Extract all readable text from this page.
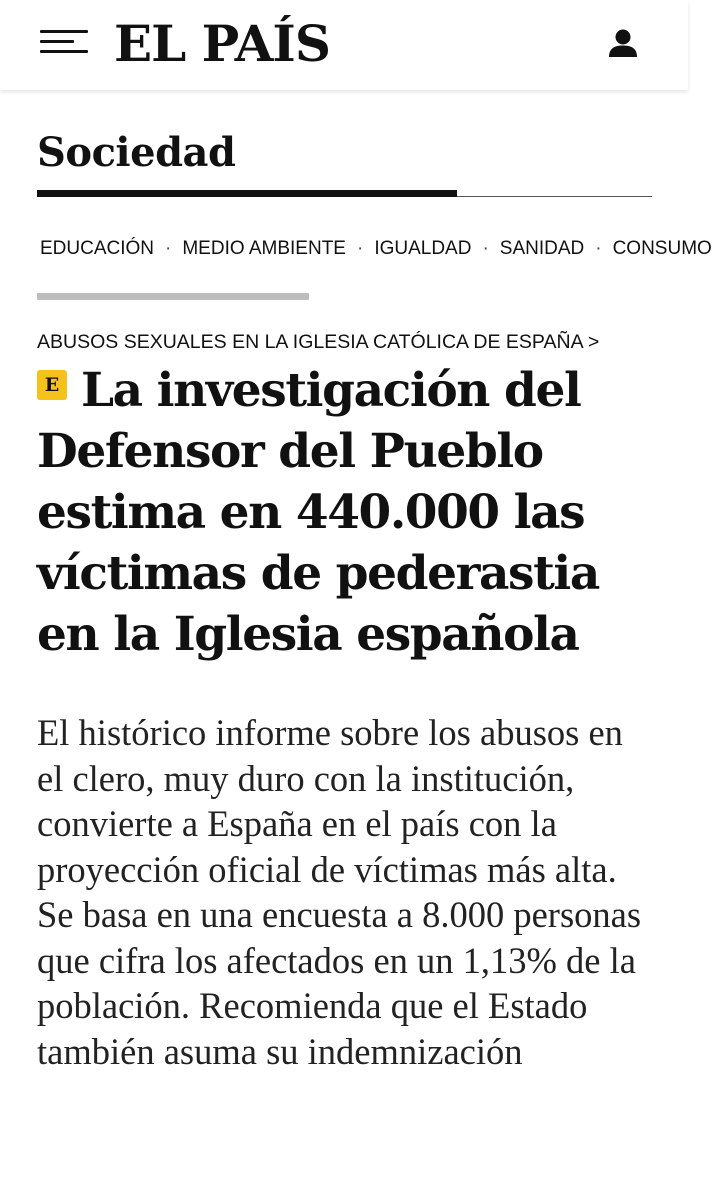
EL PAÍS
Sociedad
EDUCACIÓN · MEDIO AMBIENTE · IGUALDAD · SANIDAD · CONSUMO
ABUSOS SEXUALES EN LA IGLESIA CATÓLICA DE ESPAÑA >
E La investigación del Defensor del Pueblo estima en 440.000 las víctimas de pederastia en la Iglesia española
El histórico informe sobre los abusos en el clero, muy duro con la institución, convierte a España en el país con la proyección oficial de víctimas más alta. Se basa en una encuesta a 8.000 personas que cifra los afectados en un 1,13% de la población. Recomienda que el Estado también asuma su indemnización
